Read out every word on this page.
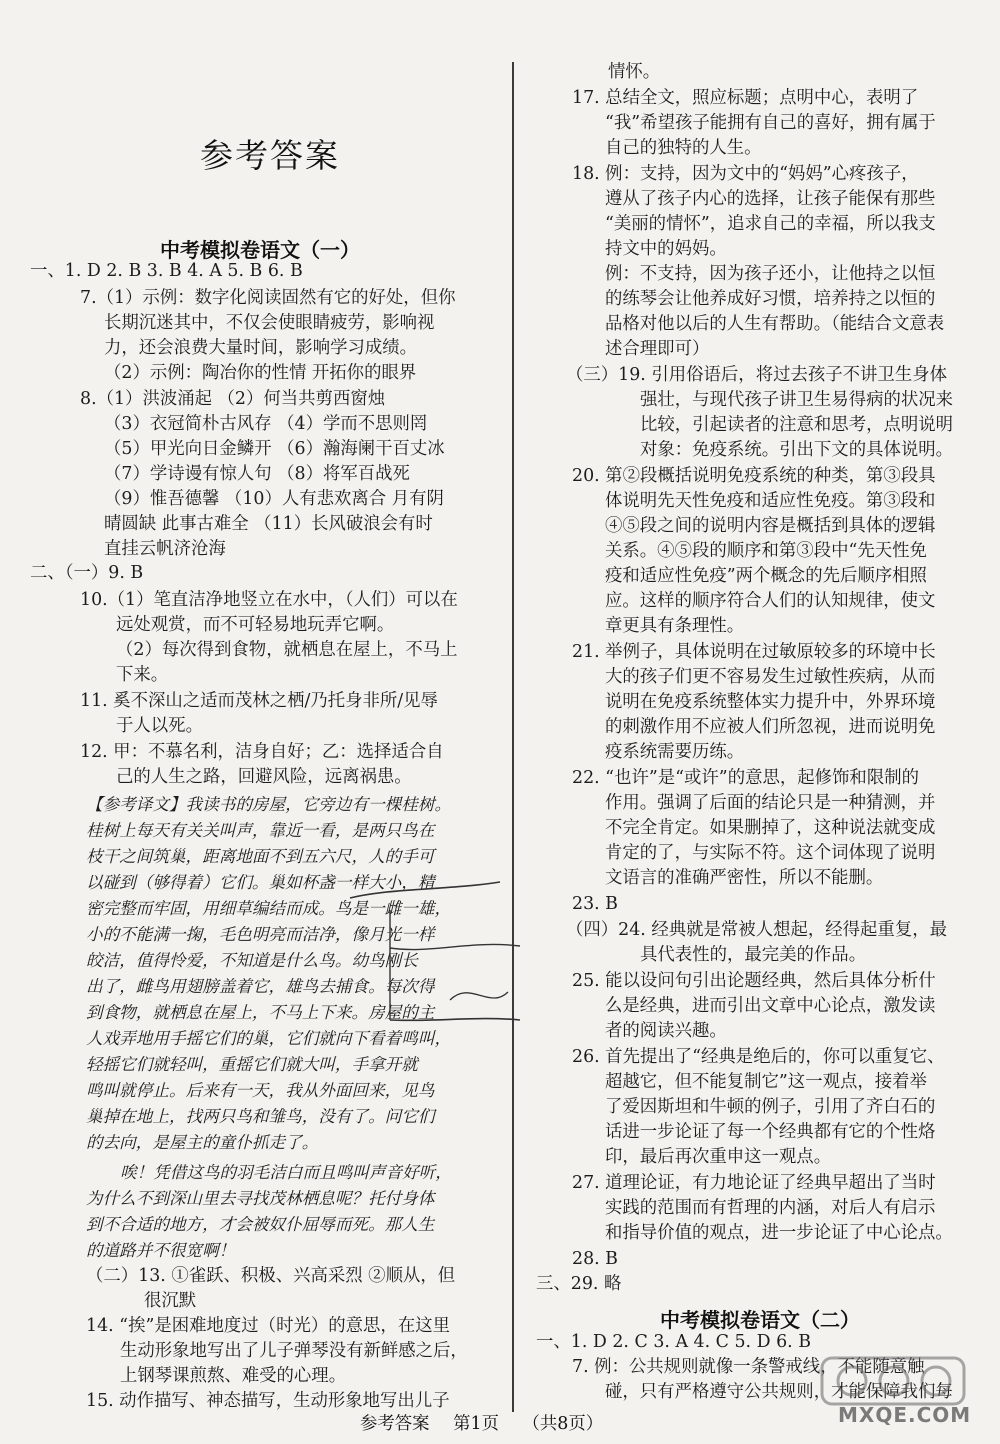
参考答案
中考模拟卷语文（一）
一、1. D 2. B 3. B 4. A 5. B 6. B
7.（1）示例：数字化阅读固然有它的好处，但你
长期沉迷其中，不仅会使眼睛疲劳，影响视
力，还会浪费大量时间，影响学习成绩。
（2）示例：陶冶你的性情 开拓你的眼界
8.（1）洪波涌起 （2）何当共剪西窗烛
（3）衣冠简朴古风存 （4）学而不思则罔
（5）甲光向日金鳞开 （6）瀚海阑干百丈冰
（7）学诗谩有惊人句 （8）将军百战死
（9）惟吾德馨 （10）人有悲欢离合 月有阴
晴圆缺 此事古难全 （11）长风破浪会有时
直挂云帆济沧海
二、（一）9. B
10.（1）笔直洁净地竖立在水中，（人们）可以在
远处观赏，而不可轻易地玩弄它啊。
（2）每次得到食物，就栖息在屋上，不马上
下来。
11. 奚不深山之适而茂林之栖/乃托身非所/见辱
于人以死。
12. 甲：不慕名利，洁身自好；乙：选择适合自
己的人生之路，回避风险，远离祸患。
【参考译文】我读书的房屋，它旁边有一棵桂树。
桂树上每天有关关叫声，靠近一看，是两只鸟在
枝干之间筑巢，距离地面不到五六尺，人的手可
以碰到（够得着）它们。巢如杯盏一样大小，精
密完整而牢固，用细草编结而成。鸟是一雌一雄，
小的不能满一掬，毛色明亮而洁净，像月光一样
皎洁，值得怜爱，不知道是什么鸟。幼鸟刚长
出了，雌鸟用翅膀盖着它，雄鸟去捕食。每次得
到食物，就栖息在屋上，不马上下来。房屋的主
人戏弄地用手摇它们的巢，它们就向下看着鸣叫，
轻摇它们就轻叫，重摇它们就大叫，手拿开就
鸣叫就停止。后来有一天，我从外面回来，见鸟
巢掉在地上，找两只鸟和雏鸟，没有了。问它们
的去向，是屋主的童仆抓走了。
唉！凭借这鸟的羽毛洁白而且鸣叫声音好听，
为什么不到深山里去寻找茂林栖息呢？托付身体
到不合适的地方，才会被奴仆屈辱而死。那人生
的道路并不很宽啊！
（二）13. ①雀跃、积极、兴高采烈 ②顺从，但
很沉默
14. “挨”是困难地度过（时光）的意思，在这里
生动形象地写出了儿子弹琴没有新鲜感之后，
上钢琴课煎熬、难受的心理。
15. 动作描写、神态描写，生动形象地写出儿子
情怀。
17. 总结全文，照应标题；点明中心，表明了
“我”希望孩子能拥有自己的喜好，拥有属于
自己的独特的人生。
18. 例：支持，因为文中的“妈妈”心疼孩子，
遵从了孩子内心的选择，让孩子能保有那些
“美丽的情怀”，追求自己的幸福，所以我支
持文中的妈妈。
例：不支持，因为孩子还小，让他持之以恒
的练琴会让他养成好习惯，培养持之以恒的
品格对他以后的人生有帮助。（能结合文意表
述合理即可）
（三）19. 引用俗语后，将过去孩子不讲卫生身体
强壮，与现代孩子讲卫生易得病的状况来
比较，引起读者的注意和思考，点明说明
对象：免疫系统。引出下文的具体说明。
20. 第②段概括说明免疫系统的种类，第③段具
体说明先天性免疫和适应性免疫。第③段和
④⑤段之间的说明内容是概括到具体的逻辑
关系。④⑤段的顺序和第③段中“先天性免
疫和适应性免疫”两个概念的先后顺序相照
应。这样的顺序符合人们的认知规律，使文
章更具有条理性。
21. 举例子，具体说明在过敏原较多的环境中长
大的孩子们更不容易发生过敏性疾病，从而
说明在免疫系统整体实力提升中，外界环境
的刺激作用不应被人们所忽视，进而说明免
疫系统需要历练。
22. “也许”是“或许”的意思，起修饰和限制的
作用。强调了后面的结论只是一种猜测，并
不完全肯定。如果删掉了，这种说法就变成
肯定的了，与实际不符。这个词体现了说明
文语言的准确严密性，所以不能删。
23. B
（四）24. 经典就是常被人想起，经得起重复，最
具代表性的，最完美的作品。
25. 能以设问句引出论题经典，然后具体分析什
么是经典，进而引出文章中心论点，激发读
者的阅读兴趣。
26. 首先提出了“经典是绝后的，你可以重复它、
超越它，但不能复制它”这一观点，接着举
了爱因斯坦和牛顿的例子，引用了齐白石的
话进一步论证了每一个经典都有它的个性烙
印，最后再次重申这一观点。
27. 道理论证，有力地论证了经典早超出了当时
实践的范围而有哲理的内涵，对后人有启示
和指导价值的观点，进一步论证了中心论点。
28. B
三、29. 略
中考模拟卷语文（二）
一、1. D 2. C 3. A 4. C 5. D 6. B
7. 例：公共规则就像一条警戒线，不能随意触
碰，只有严格遵守公共规则，才能保障我们每
MXQE.COM
参考答案 第1页 （共8页）
